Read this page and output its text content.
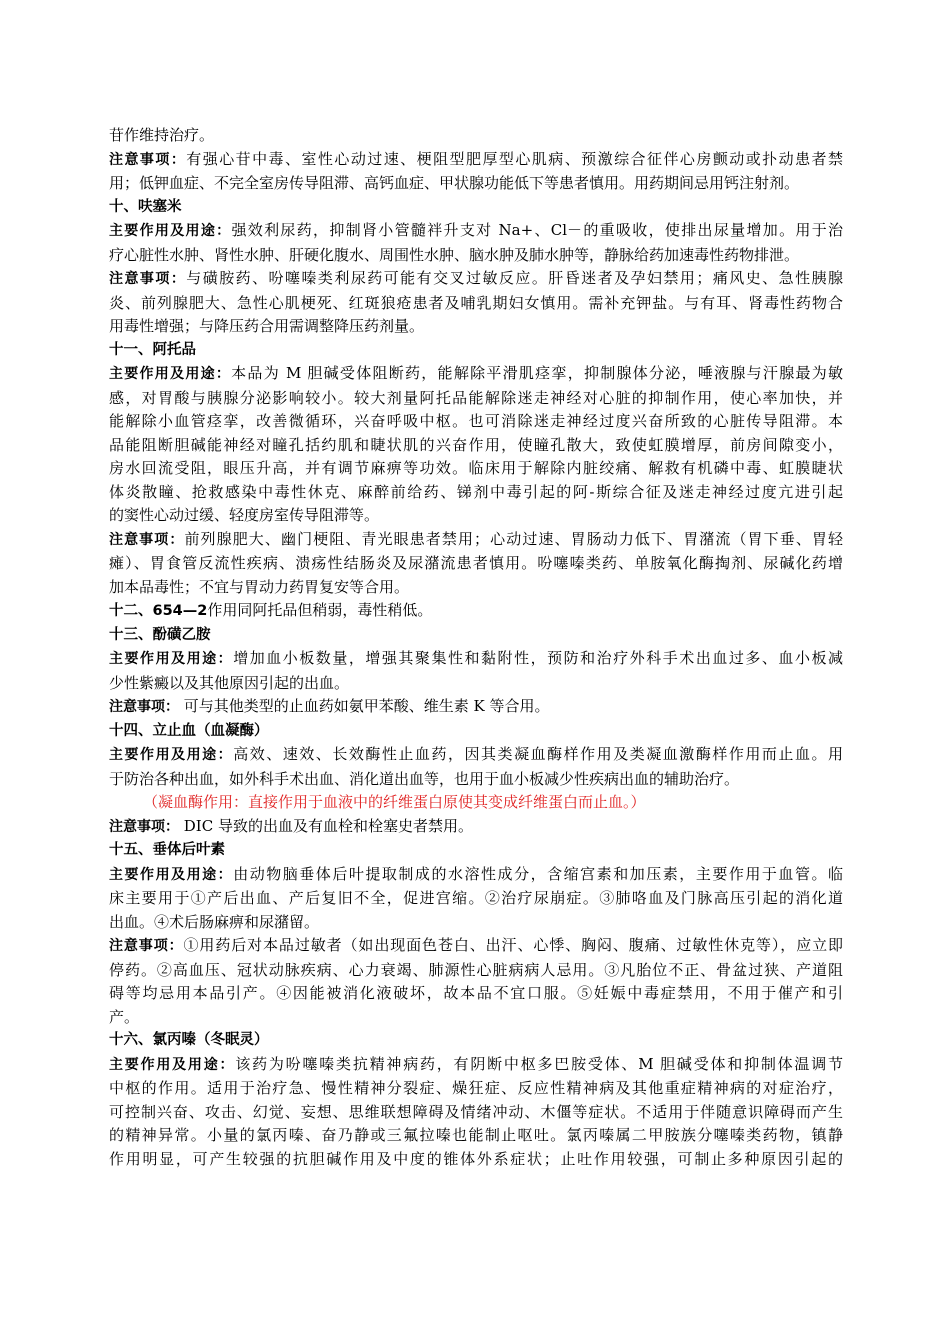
苷作维持治疗。
注意事项：有强心苷中毒、室性心动过速、梗阻型肥厚型心肌病、预激综合征伴心房颤动或扑动患者禁
用；低钾血症、不完全室房传导阻滞、高钙血症、甲状腺功能低下等患者慎用。用药期间忌用钙注射剂。
十、呋塞米
主要作用及用途：强效利尿药，抑制肾小管髓袢升支对 Na+、Cl－的重吸收，使排出尿量增加。用于治
疗心脏性水肿、肾性水肿、肝硬化腹水、周围性水肿、脑水肿及肺水肿等，静脉给药加速毒性药物排泄。
注意事项：与磺胺药、吩噻嗪类利尿药可能有交叉过敏反应。肝昏迷者及孕妇禁用；痛风史、急性胰腺
炎、前列腺肥大、急性心肌梗死、红斑狼疮患者及哺乳期妇女慎用。需补充钾盐。与有耳、肾毒性药物合
用毒性增强；与降压药合用需调整降压药剂量。
十一、阿托品
主要作用及用途：本品为 M 胆碱受体阻断药，能解除平滑肌痉挛，抑制腺体分泌，唾液腺与汗腺最为敏
感，对胃酸与胰腺分泌影响较小。较大剂量阿托品能解除迷走神经对心脏的抑制作用，使心率加快，并
能解除小血管痉挛，改善微循环，兴奋呼吸中枢。也可消除迷走神经过度兴奋所致的心脏传导阻滞。本
品能阻断胆碱能神经对瞳孔括约肌和睫状肌的兴奋作用，使瞳孔散大，致使虹膜增厚，前房间隙变小，
房水回流受阻，眼压升高，并有调节麻痹等功效。临床用于解除内脏绞痛、解救有机磷中毒、虹膜睫状
体炎散瞳、抢救感染中毒性休克、麻醉前给药、锑剂中毒引起的阿-斯综合征及迷走神经过度亢进引起
的窦性心动过缓、轻度房室传导阻滞等。
注意事项：前列腺肥大、幽门梗阻、青光眼患者禁用；心动过速、胃肠动力低下、胃潴流（胃下垂、胃轻
瘫）、胃食管反流性疾病、溃疡性结肠炎及尿潴流患者慎用。吩噻嗪类药、单胺氧化酶掏剂、尿碱化药增
加本品毒性；不宜与胃动力药胃复安等合用。
十二、654—2作用同阿托品但稍弱，毒性稍低。
十三、酚磺乙胺
主要作用及用途：增加血小板数量，增强其聚集性和黏附性，预防和治疗外科手术出血过多、血小板减
少性紫癜以及其他原因引起的出血。
注意事项： 可与其他类型的止血药如氨甲苯酸、维生素 K 等合用。
十四、立止血（血凝酶）
主要作用及用途：高效、速效、长效酶性止血药，因其类凝血酶样作用及类凝血激酶样作用而止血。用
于防治各种出血，如外科手术出血、消化道出血等，也用于血小板减少性疾病出血的辅助治疗。
（凝血酶作用：直接作用于血液中的纤维蛋白原使其变成纤维蛋白而止血。）
注意事项： DIC 导致的出血及有血栓和栓塞史者禁用。
十五、垂体后叶素
主要作用及用途：由动物脑垂体后叶提取制成的水溶性成分，含缩宫素和加压素，主要作用于血管。临
床主要用于①产后出血、产后复旧不全，促进宫缩。②治疗尿崩症。③肺咯血及门脉高压引起的消化道
出血。④术后肠麻痹和尿潴留。
注意事项：①用药后对本品过敏者（如出现面色苍白、出汗、心悸、胸闷、腹痛、过敏性休克等），应立即
停药。②高血压、冠状动脉疾病、心力衰竭、肺源性心脏病病人忌用。③凡胎位不正、骨盆过狭、产道阻
碍等均忌用本品引产。④因能被消化液破坏，故本品不宜口服。⑤妊娠中毒症禁用，不用于催产和引
产。
十六、氯丙嗪（冬眠灵）
主要作用及用途：该药为吩噻嗪类抗精神病药，有阴断中枢多巴胺受体、M 胆碱受体和抑制体温调节
中枢的作用。适用于治疗急、慢性精神分裂症、燥狂症、反应性精神病及其他重症精神病的对症治疗，
可控制兴奋、攻击、幻觉、妄想、思维联想障碍及情绪冲动、木僵等症状。不适用于伴随意识障碍而产生
的精神异常。小量的氯丙嗪、奋乃静或三氟拉嗪也能制止呕吐。氯丙嗪属二甲胺族分噻嗪类药物，镇静
作用明显，可产生较强的抗胆碱作用及中度的锥体外系症状；止吐作用较强，可制止多种原因引起的
